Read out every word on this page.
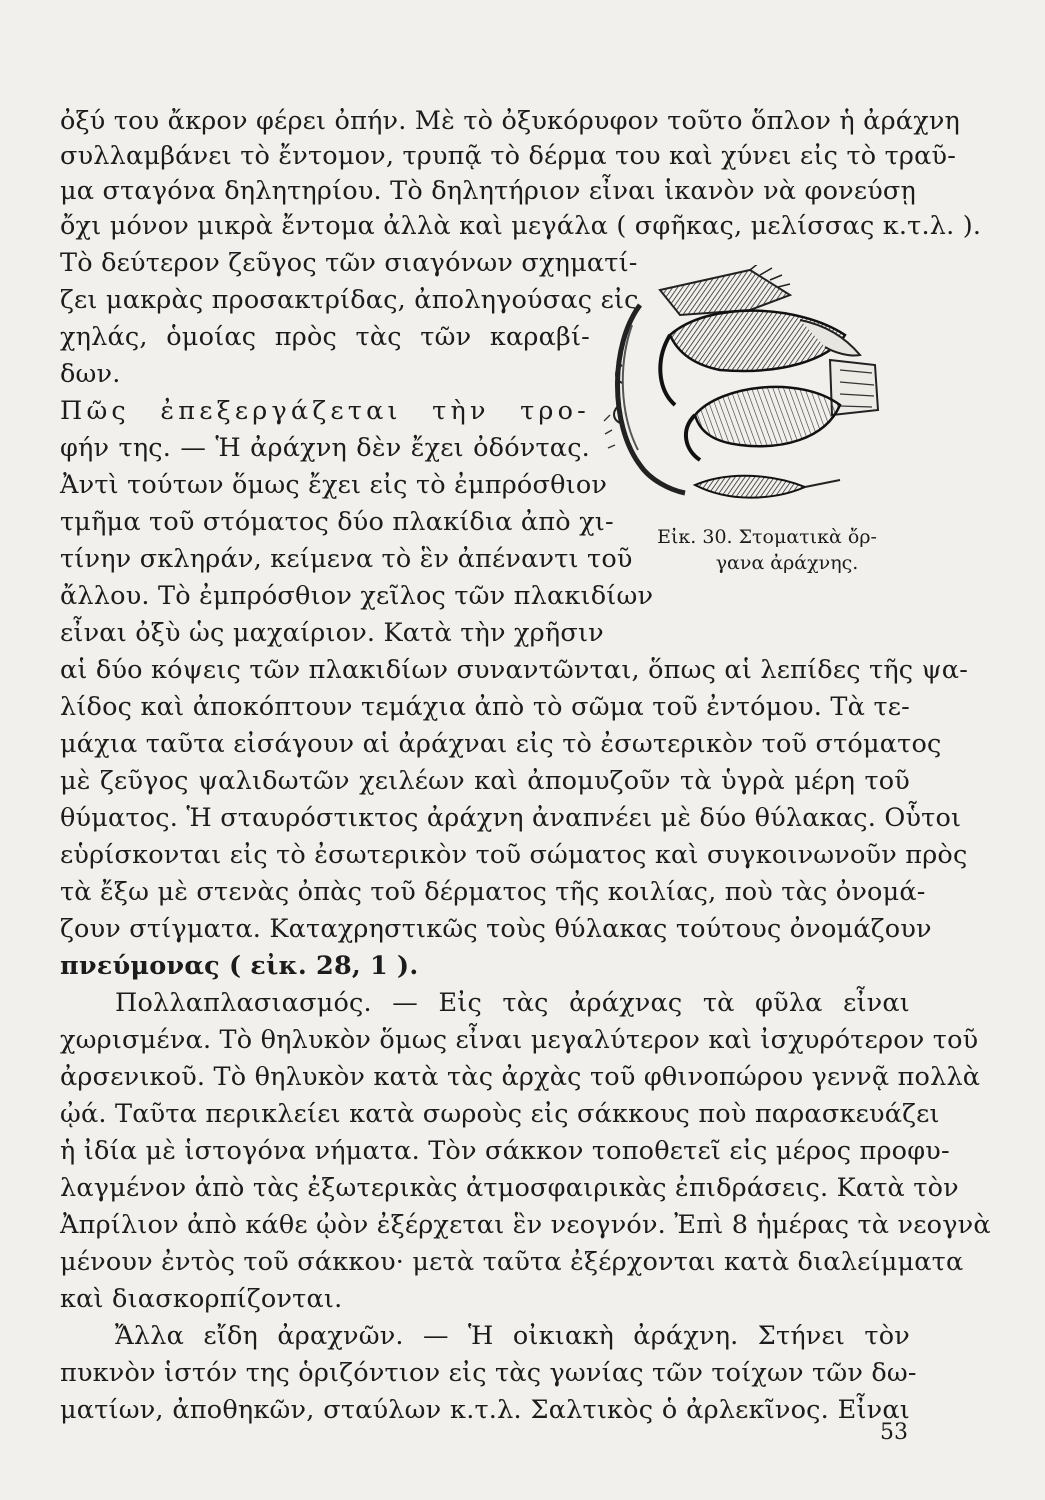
ὀξύ του ἄκρον φέρει ὀπήν. Μὲ τὸ ὀξυκόρυφον τοῦτο ὅπλον ἡ ἀράχνη
συλλαμβάνει τὸ ἔντομον, τρυπᾷ τὸ δέρμα του καὶ χύνει εἰς τὸ τραῦ-
μα σταγόνα δηλητηρίου. Τὸ δηλητήριον εἶναι ἱκανὸν νὰ φονεύσῃ
ὄχι μόνον μικρὰ ἔντομα ἀλλὰ καὶ μεγάλα ( σφῆκας, μελίσσας κ.τ.λ. ).
Τὸ δεύτερον ζεῦγος τῶν σιαγόνων σχηματί-
ζει μακρὰς προσακτρίδας, ἀποληγούσας εἰς
χηλάς, ὁμοίας πρὸς τὰς τῶν καραβί-
δων.
Πῶς ἐπεξεργάζεται τὴν τρο-
φήν της. — Ἡ ἀράχνη δὲν ἔχει ὀδόντας.
Ἀντὶ τούτων ὅμως ἔχει εἰς τὸ ἐμπρόσθιον
τμῆμα τοῦ στόματος δύο πλακίδια ἀπὸ χι-
τίνην σκληράν, κείμενα τὸ ἓν ἀπέναντι τοῦ
ἄλλου. Τὸ ἐμπρόσθιον χεῖλος τῶν πλακιδίων
εἶναι ὀξὺ ὡς μαχαίριον. Κατὰ τὴν χρῆσιν
αἱ δύο κόψεις τῶν πλακιδίων συναντῶνται, ὅπως αἱ λεπίδες τῆς ψα-
λίδος καὶ ἀποκόπτουν τεμάχια ἀπὸ τὸ σῶμα τοῦ ἐντόμου. Τὰ τε-
μάχια ταῦτα εἰσάγουν αἱ ἀράχναι εἰς τὸ ἐσωτερικὸν τοῦ στόματος
μὲ ζεῦγος ψαλιδωτῶν χειλέων καὶ ἀπομυζοῦν τὰ ὑγρὰ μέρη τοῦ
θύματος. Ἡ σταυρόστικτος ἀράχνη ἀναπνέει μὲ δύο θύλακας. Οὗτοι
εὑρίσκονται εἰς τὸ ἐσωτερικὸν τοῦ σώματος καὶ συγκοινωνοῦν πρὸς
τὰ ἔξω μὲ στενὰς ὀπὰς τοῦ δέρματος τῆς κοιλίας, ποὺ τὰς ὀνομά-
ζουν στίγματα. Καταχρηστικῶς τοὺς θύλακας τούτους ὀνομάζουν
πνεύμονας ( εἰκ. 28, 1 ).
Πολλαπλασιασμός. — Εἰς τὰς ἀράχνας τὰ φῦλα εἶναι
χωρισμένα. Τὸ θηλυκὸν ὅμως εἶναι μεγαλύτερον καὶ ἰσχυρότερον τοῦ
ἀρσενικοῦ. Τὸ θηλυκὸν κατὰ τὰς ἀρχὰς τοῦ φθινοπώρου γεννᾷ πολλὰ
ᾠά. Ταῦτα περικλείει κατὰ σωροὺς εἰς σάκκους ποὺ παρασκευάζει
ἡ ἰδία μὲ ἱστογόνα νήματα. Τὸν σάκκον τοποθετεῖ εἰς μέρος προφυ-
λαγμένον ἀπὸ τὰς ἐξωτερικὰς ἀτμοσφαιρικὰς ἐπιδράσεις. Κατὰ τὸν
Ἀπρίλιον ἀπὸ κάθε ᾠὸν ἐξέρχεται ἓν νεογνόν. Ἐπὶ 8 ἡμέρας τὰ νεογνὰ
μένουν ἐντὸς τοῦ σάκκου· μετὰ ταῦτα ἐξέρχονται κατὰ διαλείμματα
καὶ διασκορπίζονται.
Ἄλλα εἴδη ἀραχνῶν. — Ἡ οἰκιακὴ ἀράχνη. Στήνει τὸν
πυκνὸν ἱστόν της ὁριζόντιον εἰς τὰς γωνίας τῶν τοίχων τῶν δω-
ματίων, ἀποθηκῶν, σταύλων κ.τ.λ. Σαλτικὸς ὁ ἀρλεκῖνος. Εἶναι
Εἰκ. 30. Στοματικὰ ὄρ-
γανα ἀράχνης.
53
